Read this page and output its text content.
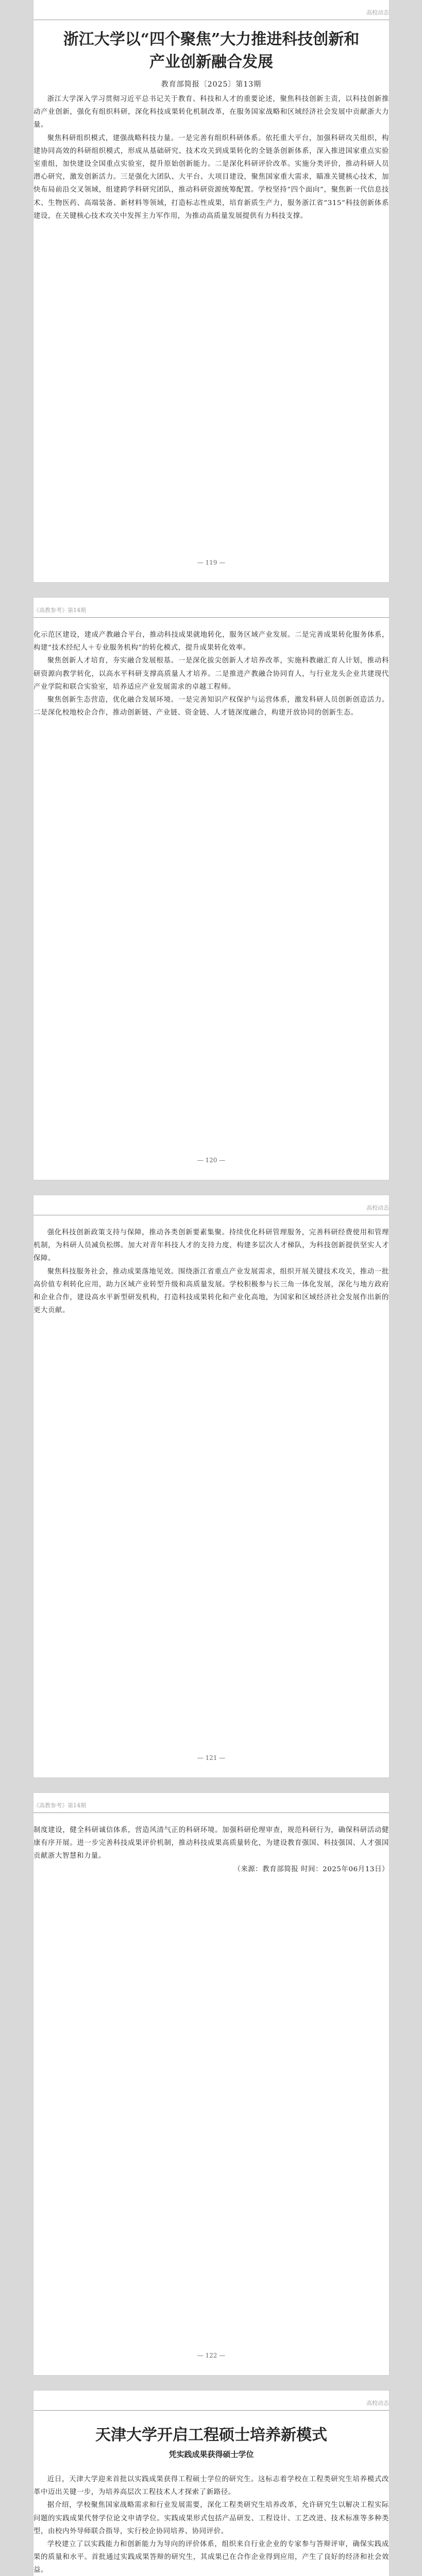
高校动态
浙江大学以“四个聚焦”大力推进科技创新和
产业创新融合发展
教育部简报〔2025〕第13期

浙江大学深入学习贯彻习近平总书记关于教育、科技和人才的重要论述，聚焦科技创新主责，以科技创新推动产业创新，强化有组织科研，深化科技成果转化机制改革，在服务国家战略和区域经济社会发展中贡献浙大力量。

聚焦科研组织模式，建强战略科技力量。一是完善有组织科研体系。依托重大平台，加强科研攻关组织，构建协同高效的科研组织模式，形成从基础研究、技术攻关到成果转化的全链条创新体系，深入推进国家重点实验室重组，加快建设全国重点实验室，提升原始创新能力。二是深化科研评价改革。实施分类评价，推动科研人员潜心研究，激发创新活力。三是强化大团队、大平台、大项目建设，聚焦国家重大需求，瞄准关键核心技术，加快布局前沿交叉领域，组建跨学科研究团队，推动科研资源统筹配置。学校坚持“四个面向”，聚焦新一代信息技术、生物医药、高端装备、新材料等领域，打造标志性成果，培育新质生产力，服务浙江省“315”科技创新体系建设，在关键核心技术攻关中发挥主力军作用，为推动高质量发展提供有力科技支撑。

— 119 —
《高教参考》第14期

化示范区建设，建成产教融合平台，推动科技成果就地转化，服务区域产业发展。二是完善成果转化服务体系，构建“技术经纪人＋专业服务机构”的转化模式，提升成果转化效率。

聚焦创新人才培育，夯实融合发展根基。一是深化拔尖创新人才培养改革，实施科教融汇育人计划，推动科研资源向教学转化，以高水平科研支撑高质量人才培养。二是推进产教融合协同育人，与行业龙头企业共建现代产业学院和联合实验室，培养适应产业发展需求的卓越工程师。

聚焦创新生态营造，优化融合发展环境。一是完善知识产权保护与运营体系，激发科研人员创新创造活力。二是深化校地校企合作，推动创新链、产业链、资金链、人才链深度融合，构建开放协同的创新生态。

— 120 —
高校动态

强化科技创新政策支持与保障，推动各类创新要素集聚。持续优化科研管理服务，完善科研经费使用和管理机制，为科研人员减负松绑。加大对青年科技人才的支持力度，构建多层次人才梯队，为科技创新提供坚实人才保障。

聚焦科技服务社会，推动成果落地见效。围绕浙江省重点产业发展需求，组织开展关键技术攻关，推动一批高价值专利转化应用，助力区域产业转型升级和高质量发展。学校积极参与长三角一体化发展，深化与地方政府和企业合作，建设高水平新型研发机构，打造科技成果转化和产业化高地，为国家和区域经济社会发展作出新的更大贡献。

— 121 —
《高教参考》第14期

制度建设，健全科研诚信体系，营造风清气正的科研环境。加强科研伦理审查，规范科研行为，确保科研活动健康有序开展。进一步完善科技成果评价机制，推动科技成果高质量转化，为建设教育强国、科技强国、人才强国贡献浙大智慧和力量。

（来源：教育部简报 时间：2025年06月13日）

— 122 —
高校动态
天津大学开启工程硕士培养新模式
凭实践成果获得硕士学位

近日，天津大学迎来首批以实践成果获得工程硕士学位的研究生。这标志着学校在工程类研究生培养模式改革中迈出关键一步，为培养高层次工程技术人才探索了新路径。

据介绍，学校聚焦国家战略需求和行业发展需要，深化工程类研究生培养改革，允许研究生以解决工程实际问题的实践成果代替学位论文申请学位。实践成果形式包括产品研发、工程设计、工艺改进、技术标准等多种类型，由校内外导师联合指导，实行校企协同培养、协同评价。

学校建立了以实践能力和创新能力为导向的评价体系，组织来自行业企业的专家参与答辩评审，确保实践成果的质量和水平。首批通过实践成果答辩的研究生，其成果已在合作企业得到应用，产生了良好的经济和社会效益。
